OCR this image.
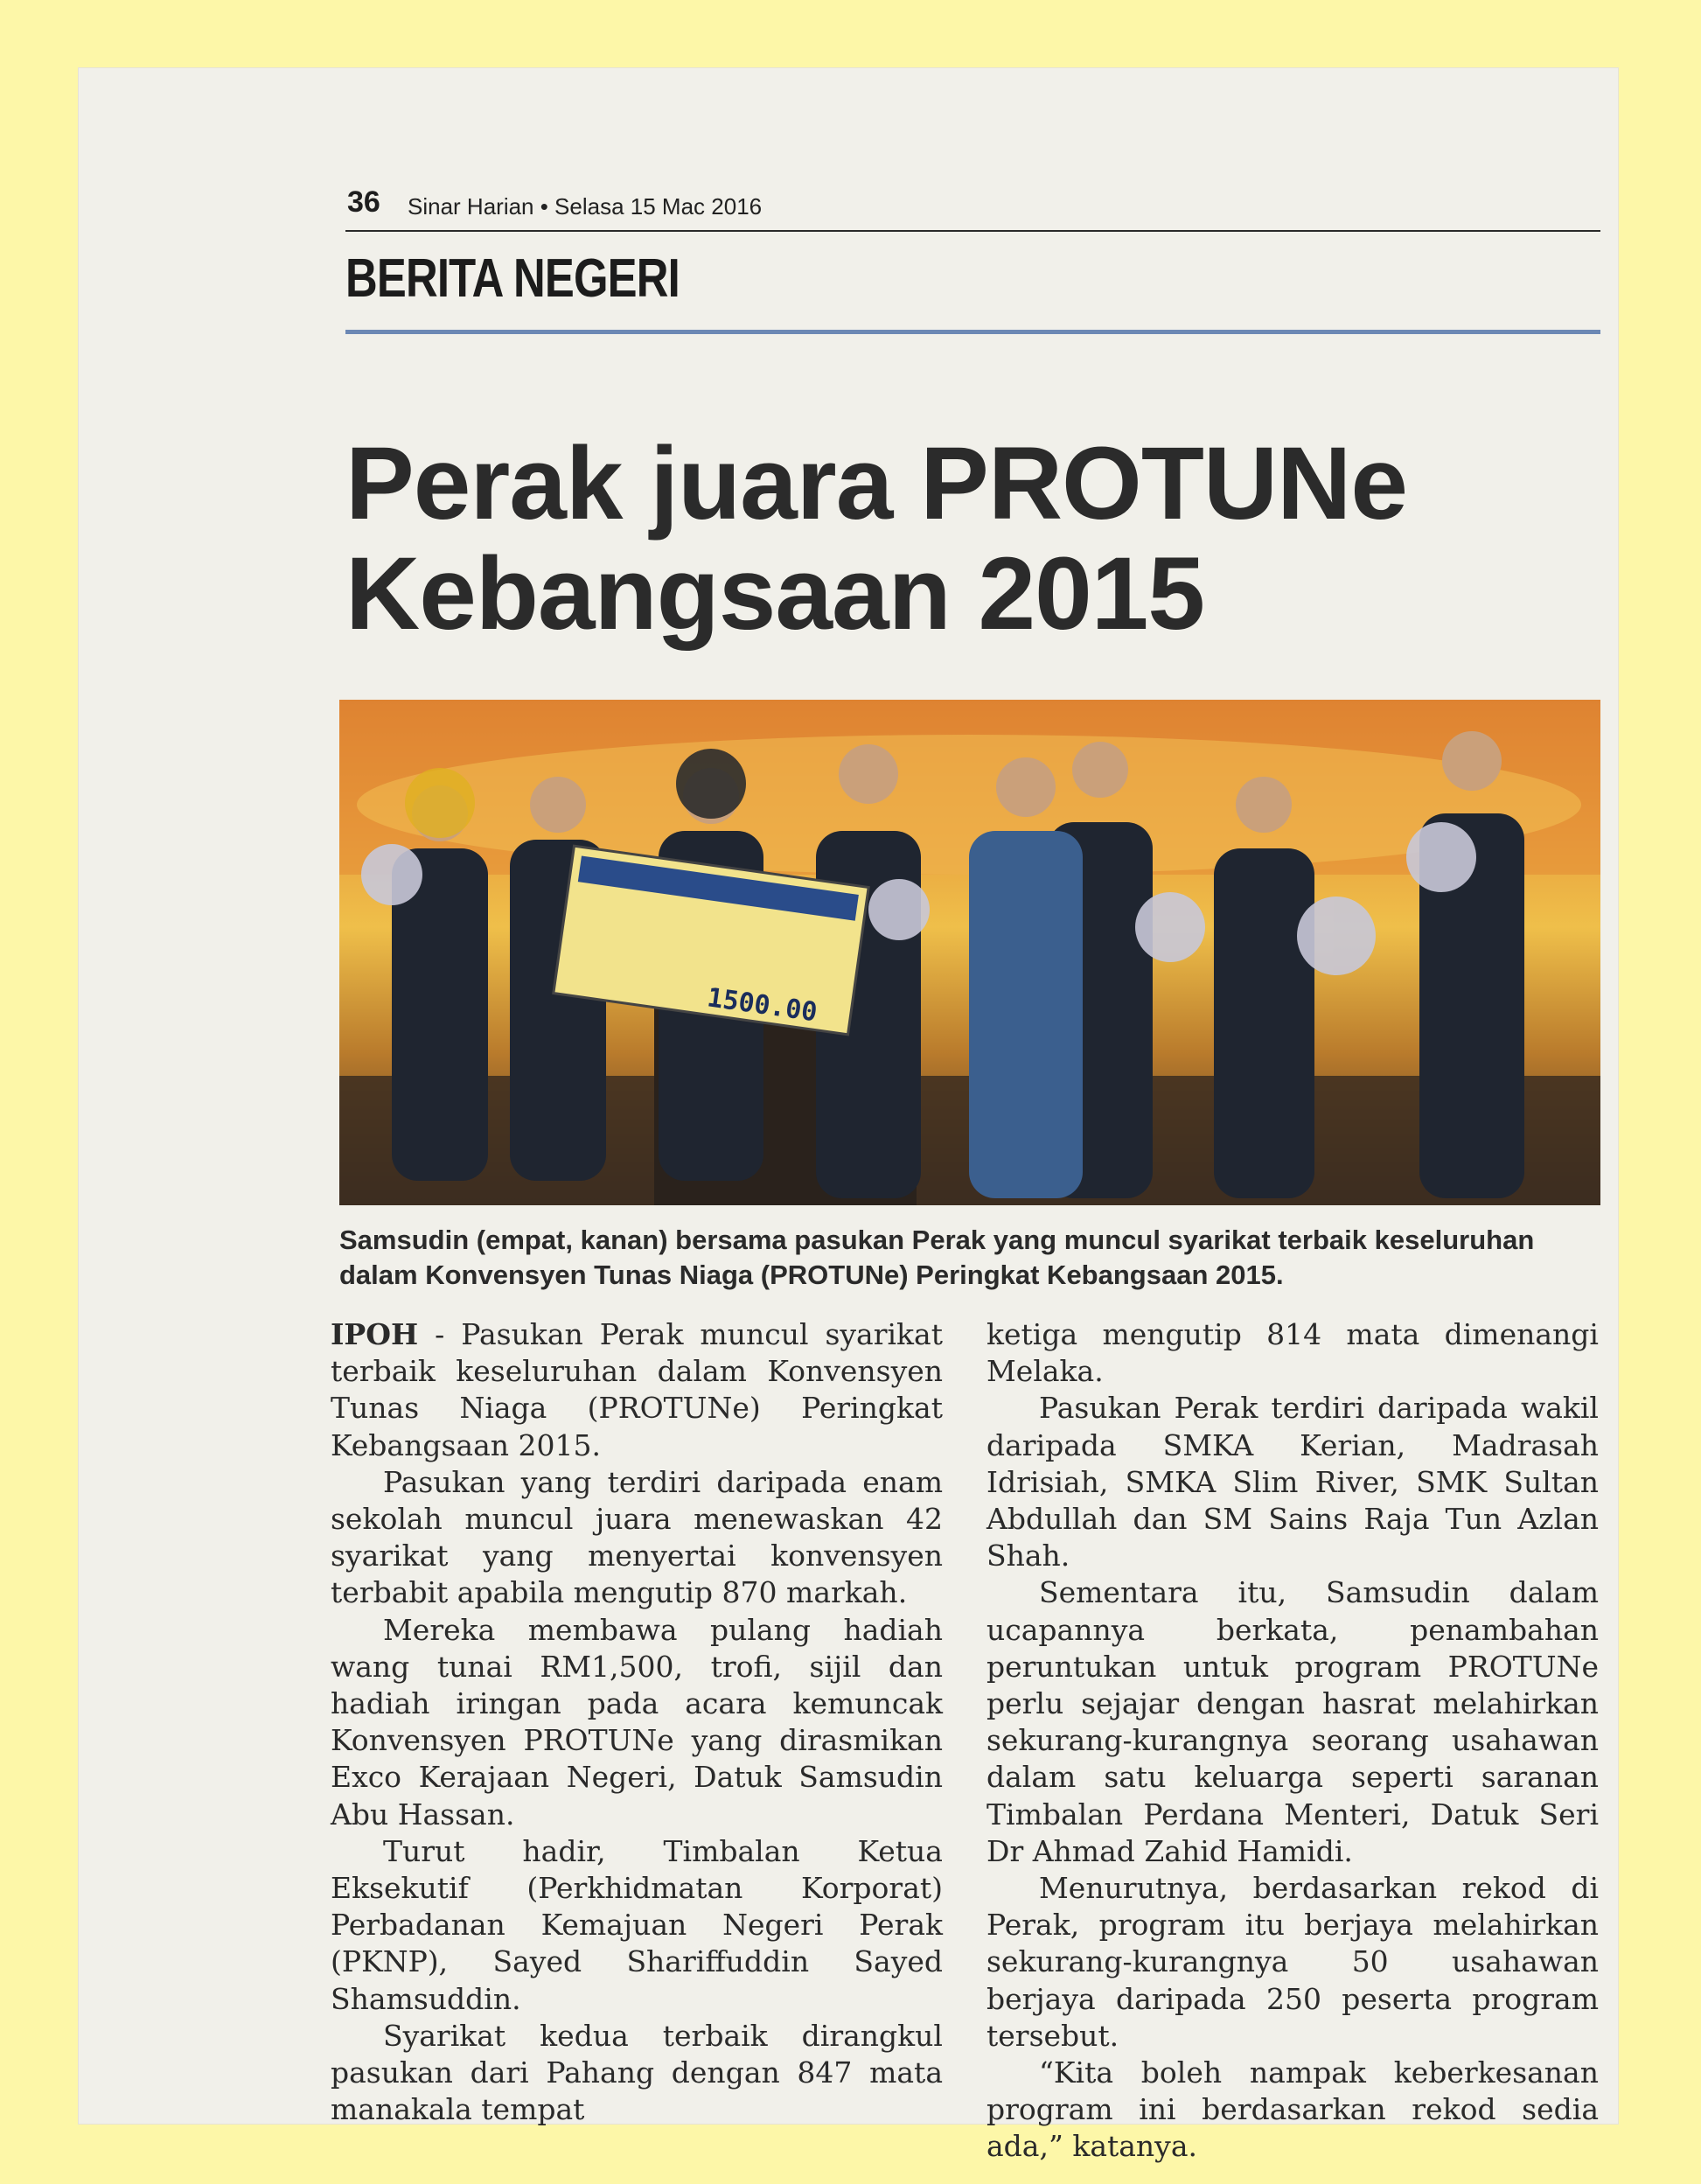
36 Sinar Harian • Selasa 15 Mac 2016
BERITA NEGERI
Perak juara PROTUNe
Kebangsaan 2015
1500.00
Samsudin (empat, kanan) bersama pasukan Perak yang muncul syarikat terbaik keseluruhan
dalam Konvensyen Tunas Niaga (PROTUNe) Peringkat Kebangsaan 2015.

IPOH - Pasukan Perak muncul syarikat terbaik keseluruhan dalam Konvensyen Tunas Niaga (PROTUNe) Peringkat Kebangsaan 2015.

Pasukan yang terdiri daripada enam sekolah muncul juara menewaskan 42 syarikat yang menyertai konvensyen terbabit apabila mengutip 870 markah.

Mereka membawa pulang hadiah wang tunai RM1,500, trofi, sijil dan hadiah iringan pada acara kemuncak Konvensyen PROTUNe yang dirasmikan Exco Kerajaan Negeri, Datuk Samsudin Abu Hassan.

Turut hadir, Timbalan Ketua Eksekutif (Perkhidmatan Korporat) Perbadanan Kemajuan Negeri Perak (PKNP), Sayed Shariffuddin Sayed Shamsuddin.

Syarikat kedua terbaik dirangkul pasukan dari Pahang dengan 847 mata manakala tempat

ketiga mengutip 814 mata dimenangi Melaka.

Pasukan Perak terdiri daripada wakil daripada SMKA Kerian, Madrasah Idrisiah, SMKA Slim River, SMK Sultan Abdullah dan SM Sains Raja Tun Azlan Shah.

Sementara itu, Samsudin dalam ucapannya berkata, penambahan peruntukan untuk program PROTUNe perlu sejajar dengan hasrat melahirkan sekurang-kurangnya seorang usahawan dalam satu keluarga seperti saranan Timbalan Perdana Menteri, Datuk Seri Dr Ahmad Zahid Hamidi.

Menurutnya, berdasarkan rekod di Perak, program itu berjaya melahirkan sekurang-kurangnya 50 usahawan berjaya daripada 250 peserta program tersebut.

“Kita boleh nampak keberkesanan program ini berdasarkan rekod sedia ada,” katanya.
